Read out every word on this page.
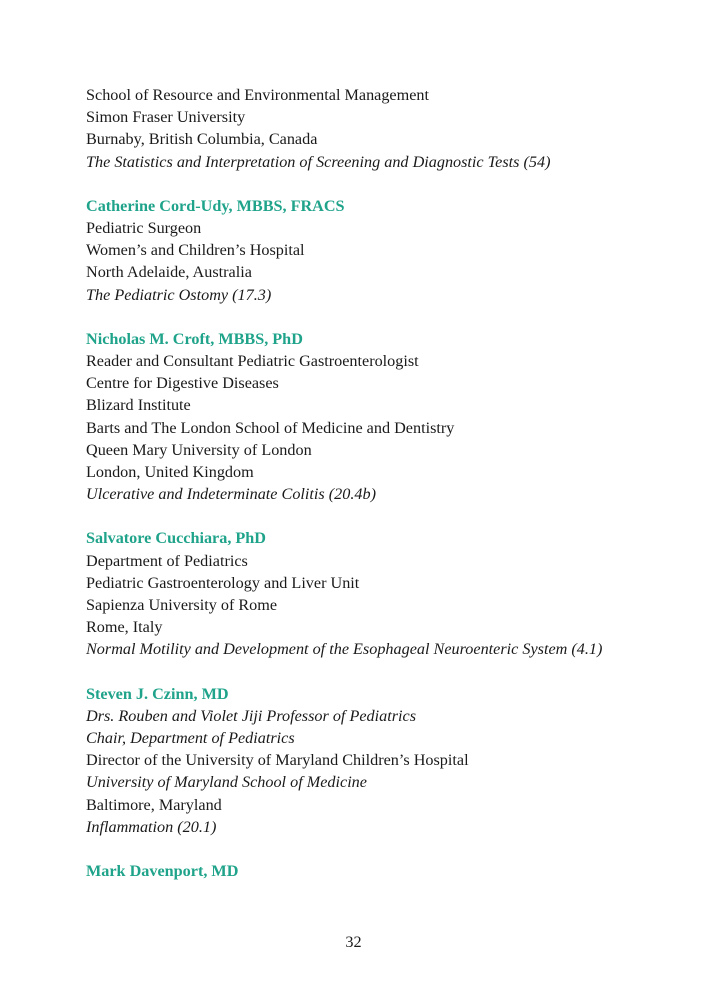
School of Resource and Environmental Management
Simon Fraser University
Burnaby, British Columbia, Canada
The Statistics and Interpretation of Screening and Diagnostic Tests (54)
Catherine Cord-Udy, MBBS, FRACS
Pediatric Surgeon
Women’s and Children’s Hospital
North Adelaide, Australia
The Pediatric Ostomy (17.3)
Nicholas M. Croft, MBBS, PhD
Reader and Consultant Pediatric Gastroenterologist
Centre for Digestive Diseases
Blizard Institute
Barts and The London School of Medicine and Dentistry
Queen Mary University of London
London, United Kingdom
Ulcerative and Indeterminate Colitis (20.4b)
Salvatore Cucchiara, PhD
Department of Pediatrics
Pediatric Gastroenterology and Liver Unit
Sapienza University of Rome
Rome, Italy
Normal Motility and Development of the Esophageal Neuroenteric System (4.1)
Steven J. Czinn, MD
Drs. Rouben and Violet Jiji Professor of Pediatrics
Chair, Department of Pediatrics
Director of the University of Maryland Children’s Hospital
University of Maryland School of Medicine
Baltimore, Maryland
Inflammation (20.1)
Mark Davenport, MD
32
